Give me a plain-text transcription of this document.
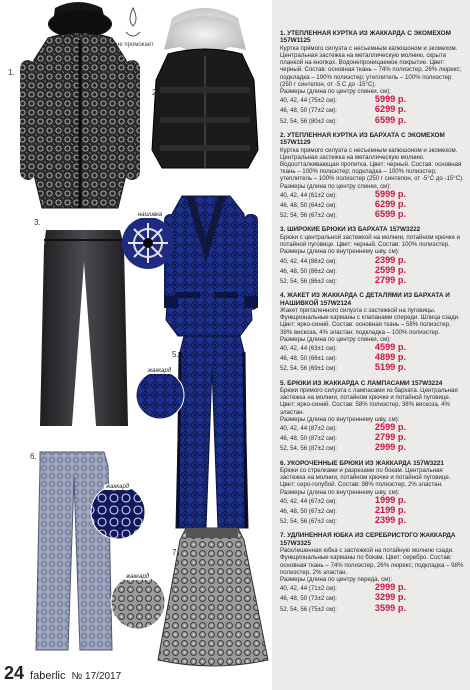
не промокает
1.
2.
3.	4.
5.
6.
7.
нашивка
жаккард
жаккард
жаккард
24 faberlic № 17/2017
1. УТЕПЛЕННАЯ КУРТКА ИЗ ЖАККАРДА С ЭКОМЕХОМ 157W1125
Куртка прямого силуэта с несъемным капюшоном и экомехом. Центральная застежка на металлическую молнию, скрыта планкой на кнопках. Водонепроницаемое покрытие. Цвет: черный. Состав: основная ткань – 74% полиэстер, 26% люрекс; подкладка – 100% полиэстер; утеплитель – 100% полиэстер (250 г синтепон, от -5 С до -15°С).
Размеры (длина по центру спинки, см):
40, 42, 44 (75±2 см):	5999 р.
46, 48, 50 (77±2 см):	6299 р.
52, 54, 56 (80±2 см):	6599 р.
2. УТЕПЛЕННАЯ КУРТКА ИЗ БАРХАТА С ЭКОМЕХОМ 157W1129
Куртка прямого силуэта с несъемным капюшоном и экомехом. Центральная застежка на металлическую молнию. Водоотталкивающая пропитка. Цвет: черный. Состав: основная ткань – 100% полиэстер; подкладка – 100% полиэстер; утеплитель – 100% полиэстер (250 г синтепон, от -5°С до -15°С).
Размеры (длина по центру спинки, см):
40, 42, 44 (61±2 см):	5999 р.
46, 48, 50 (64±2 см):	6299 р.
52, 54, 56 (67±2 см):	6599 р.
3. ШИРОКИЕ БРЮКИ ИЗ БАРХАТА 157W3222
Брюки с центральной застежкой на молнии, потайном крючке и потайной пуговице. Цвет: черный. Состав: 100% полиэстер.
Размеры (длина по внутреннему шву, см):
40, 42, 44 (86±2 см):	2399 р.
46, 48, 50 (86±2 см):	2599 р.
52, 54, 56 (86±2 см):	2799 р.
4. ЖАКЕТ ИЗ ЖАККАРДА С ДЕТАЛЯМИ ИЗ БАРХАТА И НАШИВКОЙ 157W2124
Жакет приталенного силуэта с застежкой на пуговицы. Функциональные карманы с клапанами спереди. Шлица сзади. Цвет: ярко-синий. Состав: основная ткань – 58% полиэстер, 38% вискоза, 4% эластан; подкладка – 100% полиэстер.
Размеры (длина по центру спинки, см):
40, 42, 44 (63±1 см):	4599 р.
46, 48, 50 (66±1 см):	4899 р.
52, 54, 56 (69±1 см):	5199 р.
5. БРЮКИ ИЗ ЖАККАРДА С ЛАМПАСАМИ 157W3224
Брюки прямого силуэта с лампасами из бархата. Центральная застежка на молнии, потайном крючке и потайной пуговице. Цвет: ярко-синий. Состав: 58% полиэстер, 38% вискоза, 4% эластан.
Размеры (длина по внутреннему шву, см):
40, 42, 44 (87±2 см):	2599 р.
46, 48, 50 (87±2 см):	2799 р.
52, 54, 56 (87±2 см):	2999 р.
6. УКОРОЧЕННЫЕ БРЮКИ ИЗ ЖАККАРДА 157W3221
Брюки со стрелками и разрезами по бокам. Центральная застежка на молнии, потайном крючке и потайной пуговице. Цвет: серо-голубой. Состав: 98% полиэстер, 2% эластан.
Размеры (длина по внутреннему шву, см):
40, 42, 44 (67±2 см):	1999 р.
46, 48, 50 (67±2 см):	2199 р.
52, 54, 56 (67±2 см):	2399 р.
7. УДЛИНЕННАЯ ЮБКА ИЗ СЕРЕБРИСТОГО ЖАККАРДА 157W3325
Расклешенная юбка с застежкой на потайную молнию сзади. Функциональные карманы по бокам. Цвет: серебро. Состав: основная ткань – 74% полиэстер, 26% люрекс; подкладка – 98% полиэстер, 2% эластан.
Размеры (длина по центру переда, см):
40, 42, 44 (71±2 см):	2999 р.
46, 48, 50 (73±2 см):	3299 р.
52, 54, 56 (75±2 см):	3599 р.
